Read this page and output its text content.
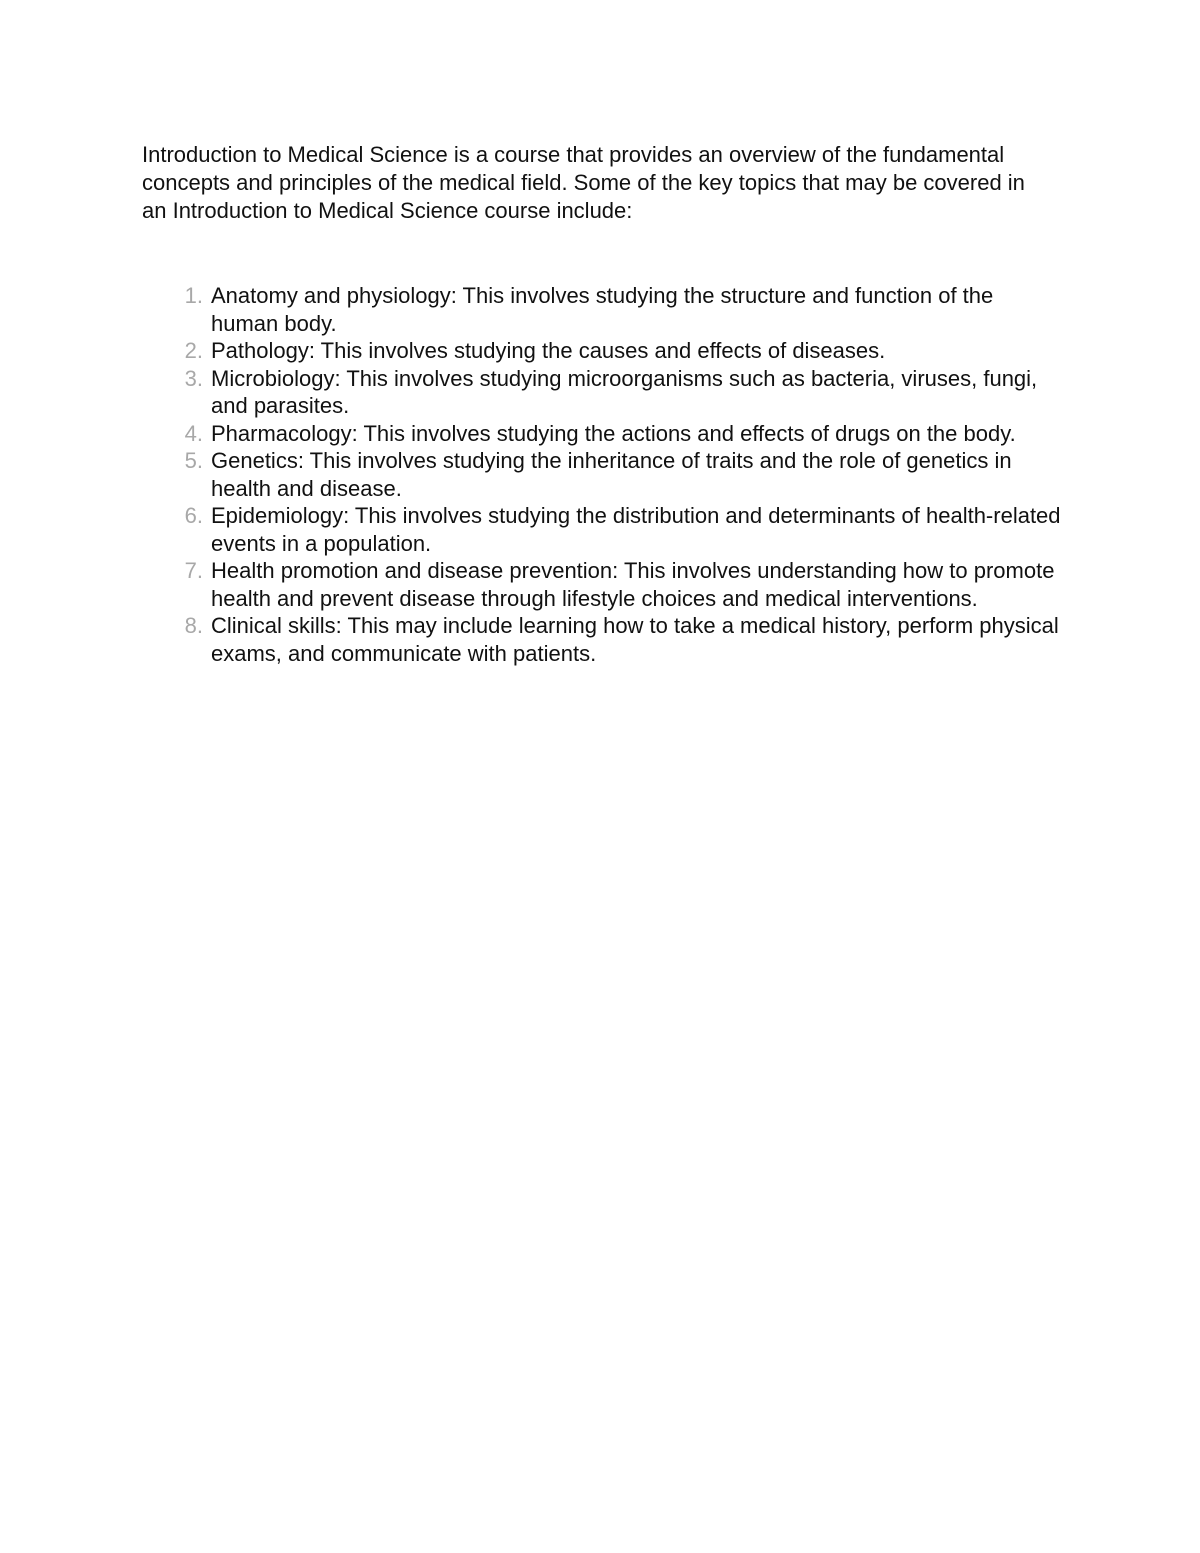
Introduction to Medical Science is a course that provides an overview of the fundamental concepts and principles of the medical field. Some of the key topics that may be covered in an Introduction to Medical Science course include:

1. Anatomy and physiology: This involves studying the structure and function of the human body.
2. Pathology: This involves studying the causes and effects of diseases.
3. Microbiology: This involves studying microorganisms such as bacteria, viruses, fungi, and parasites.
4. Pharmacology: This involves studying the actions and effects of drugs on the body.
5. Genetics: This involves studying the inheritance of traits and the role of genetics in health and disease.
6. Epidemiology: This involves studying the distribution and determinants of health-related events in a population.
7. Health promotion and disease prevention: This involves understanding how to promote health and prevent disease through lifestyle choices and medical interventions.
8. Clinical skills: This may include learning how to take a medical history, perform physical exams, and communicate with patients.
